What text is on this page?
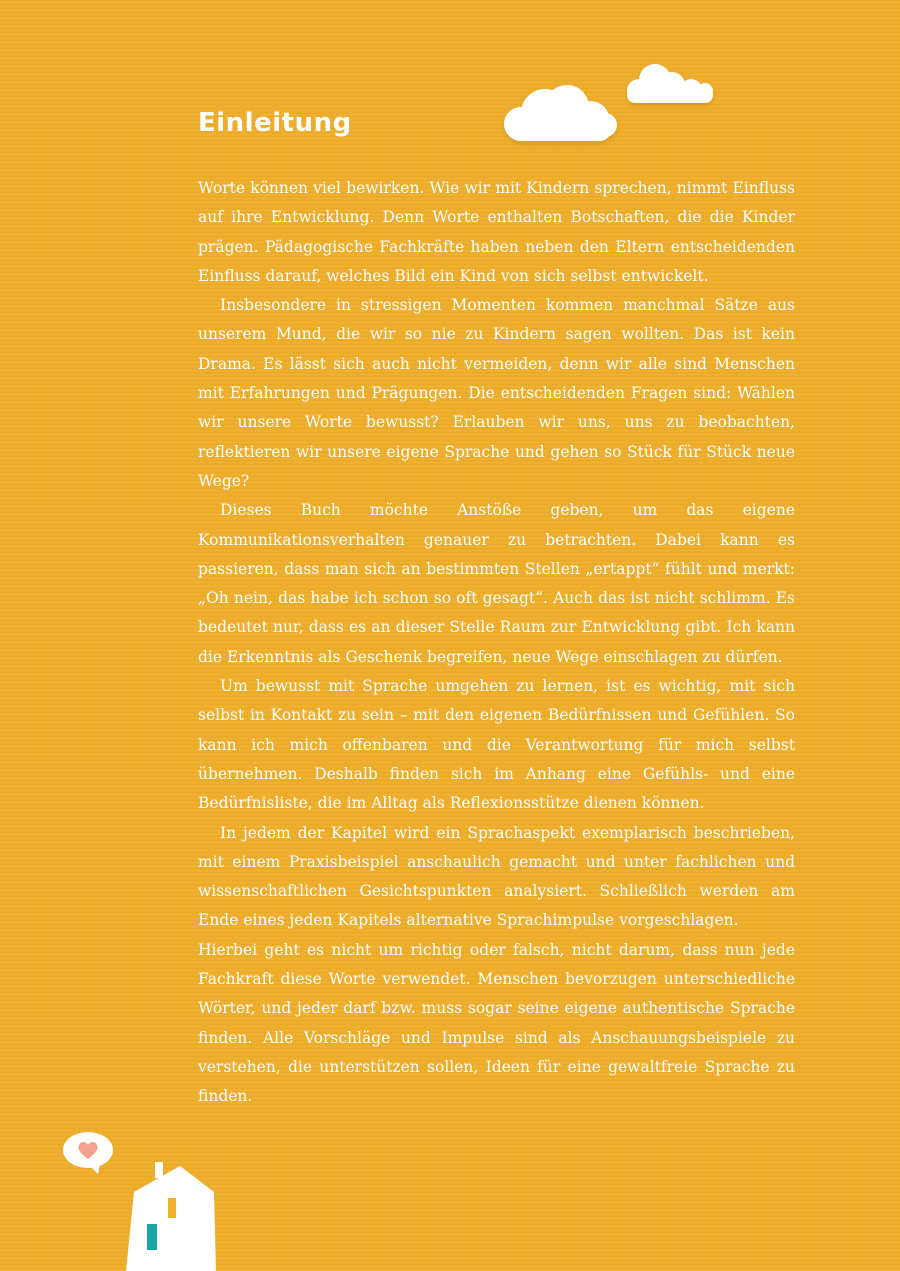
Einleitung

Worte können viel bewirken. Wie wir mit Kindern sprechen, nimmt Einfluss auf ihre Entwicklung. Denn Worte enthalten Botschaften, die die Kinder prägen. Pädagogische Fachkräfte haben neben den Eltern entscheidenden Einfluss darauf, welches Bild ein Kind von sich selbst entwickelt.

Insbesondere in stressigen Momenten kommen manchmal Sätze aus unserem Mund, die wir so nie zu Kindern sagen wollten. Das ist kein Drama. Es lässt sich auch nicht vermeiden, denn wir alle sind Menschen mit Erfahrungen und Prägungen. Die entscheidenden Fragen sind: Wählen wir unsere Worte bewusst? Erlauben wir uns, uns zu beobachten, reflektieren wir unsere eigene Sprache und gehen so Stück für Stück neue Wege?

Dieses Buch möchte Anstöße geben, um das eigene Kommunikationsverhalten genauer zu betrachten. Dabei kann es passieren, dass man sich an bestimmten Stellen „ertappt“ fühlt und merkt: „Oh nein, das habe ich schon so oft gesagt“. Auch das ist nicht schlimm. Es bedeutet nur, dass es an dieser Stelle Raum zur Entwicklung gibt. Ich kann die Erkenntnis als Geschenk begreifen, neue Wege einschlagen zu dürfen.

Um bewusst mit Sprache umgehen zu lernen, ist es wichtig, mit sich selbst in Kontakt zu sein – mit den eigenen Bedürfnissen und Gefühlen. So kann ich mich offenbaren und die Verantwortung für mich selbst übernehmen. Deshalb finden sich im Anhang eine Gefühls- und eine Bedürfnisliste, die im Alltag als Reflexionsstütze dienen können.

In jedem der Kapitel wird ein Sprachaspekt exemplarisch beschrieben, mit einem Praxisbeispiel anschaulich gemacht und unter fachlichen und wissenschaftlichen Gesichtspunkten analysiert. Schließlich werden am Ende eines jeden Kapitels alternative Sprachimpulse vorgeschlagen.

Hierbei geht es nicht um richtig oder falsch, nicht darum, dass nun jede Fachkraft diese Worte verwendet. Menschen bevorzugen unterschiedliche Wörter, und jeder darf bzw. muss sogar seine eigene authentische Sprache finden. Alle Vorschläge und Impulse sind als Anschauungsbeispiele zu verstehen, die unterstützen sollen, Ideen für eine gewaltfreie Sprache zu finden.
